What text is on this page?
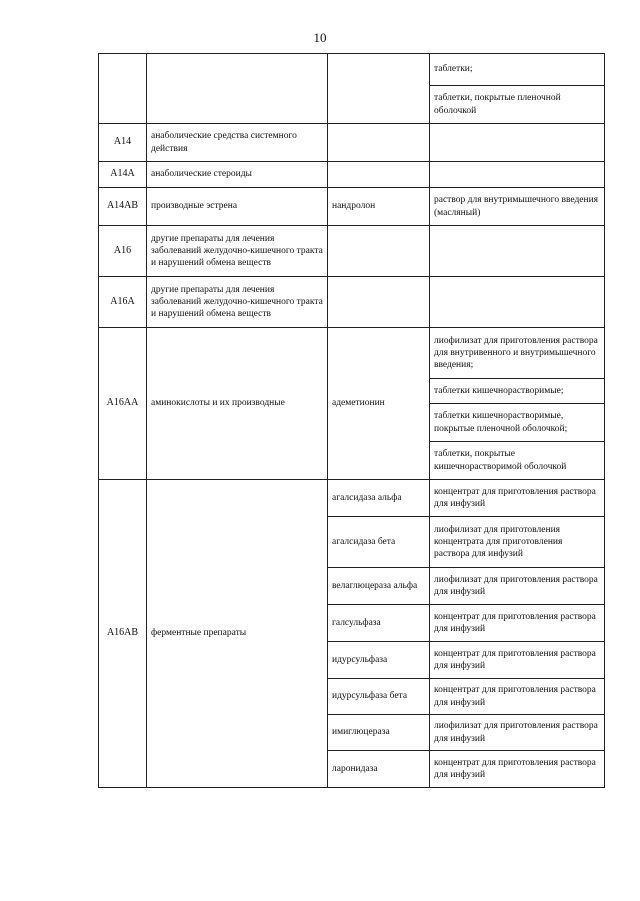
10
			таблетки;
			таблетки, покрытые пленочной оболочкой
A14	анаболические средства системного действия		
A14A	анаболические стероиды		
A14AB	производные эстрена	нандролон	раствор для внутримышечного введения (масляный)
A16	другие препараты для лечения заболеваний желудочно-кишечного тракта и нарушений обмена веществ		
A16A	другие препараты для лечения заболеваний желудочно-кишечного тракта и нарушений обмена веществ		
A16AA	аминокислоты и их производные	адеметионин	лиофилизат для приготовления раствора для внутривенного и внутримышечного введения;
			таблетки кишечнорастворимые;
			таблетки кишечнорастворимые, покрытые пленочной оболочкой;
			таблетки, покрытые кишечнорастворимой оболочкой
A16AB	ферментные препараты	агалсидаза альфа	концентрат для приготовления раствора для инфузий
		агалсидаза бета	лиофилизат для приготовления концентрата для приготовления раствора для инфузий
		велаглюцераза альфа	лиофилизат для приготовления раствора для инфузий
		галсульфаза	концентрат для приготовления раствора для инфузий
		идурсульфаза	концентрат для приготовления раствора для инфузий
		идурсульфаза бета	концентрат для приготовления раствора для инфузий
		имиглюцераза	лиофилизат для приготовления раствора для инфузий
		ларонидаза	концентрат для приготовления раствора для инфузий
